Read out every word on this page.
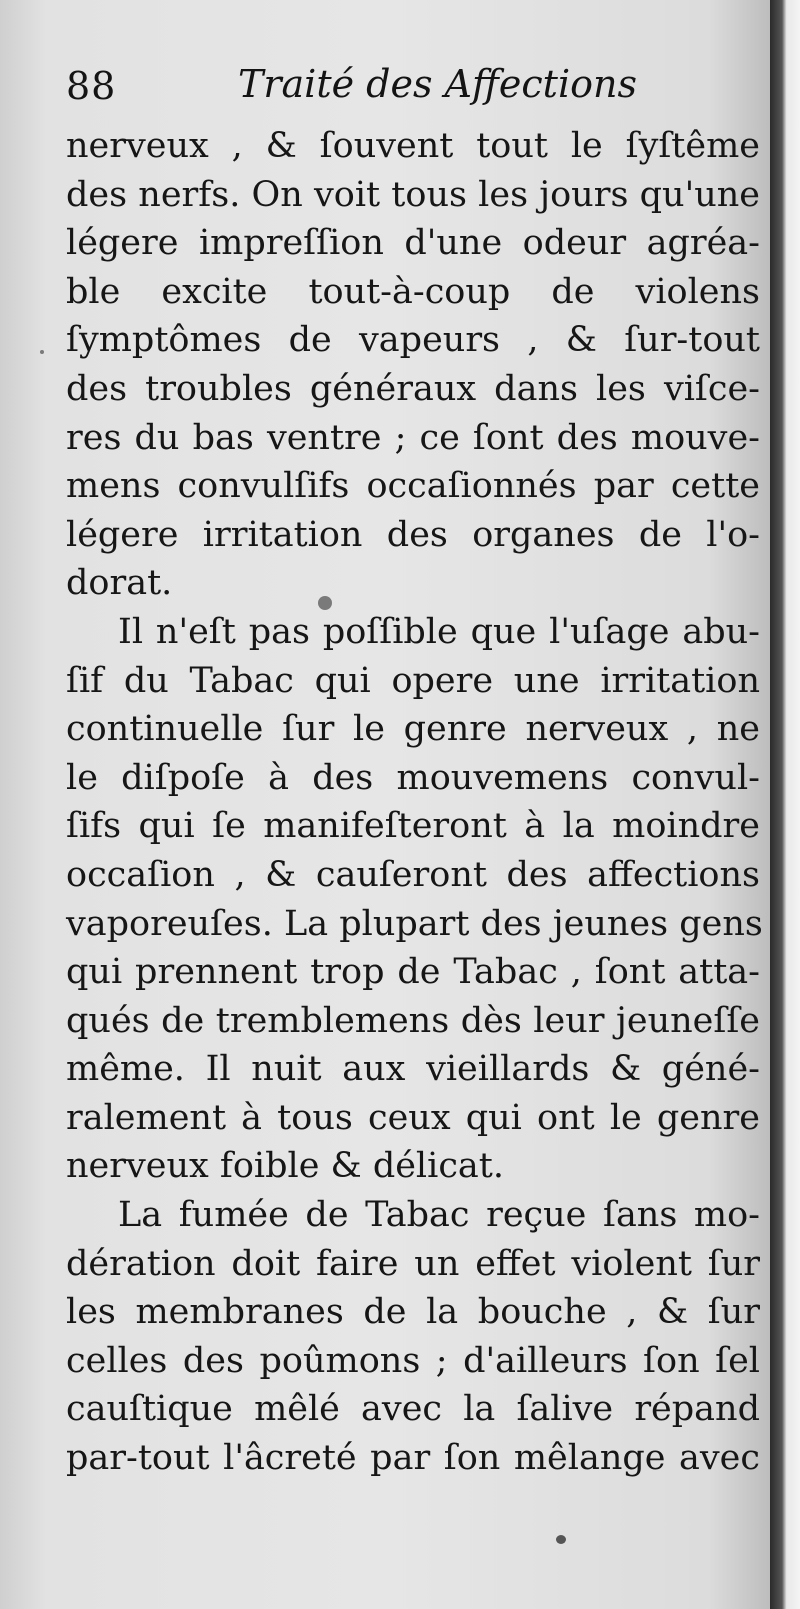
88	Traité des Affections
nerveux , & ſouvent tout le ſyſtême
des nerfs. On voit tous les jours qu'une
légere impreſſion d'une odeur agréa-
ble excite tout-à-coup de violens
ſymptômes de vapeurs , & ſur-tout
des troubles généraux dans les viſce-
res du bas ventre ; ce ſont des mouve-
mens convulſifs occaſionnés par cette
légere irritation des organes de l'o-
dorat.
Il n'eſt pas poſſible que l'uſage abu-
ſif du Tabac qui opere une irritation
continuelle ſur le genre nerveux , ne
le diſpoſe à des mouvemens convul-
ſifs qui ſe manifeſteront à la moindre
occaſion , & cauſeront des affections
vaporeuſes. La plupart des jeunes gens
qui prennent trop de Tabac , ſont atta-
qués de tremblemens dès leur jeuneſſe
même. Il nuit aux vieillards & géné-
ralement à tous ceux qui ont le genre
nerveux foible & délicat.
La fumée de Tabac reçue ſans mo-
dération doit faire un effet violent ſur
les membranes de la bouche , & ſur
celles des poûmons ; d'ailleurs ſon ſel
cauſtique mêlé avec la ſalive répand
par-tout l'âcreté par ſon mêlange avec
